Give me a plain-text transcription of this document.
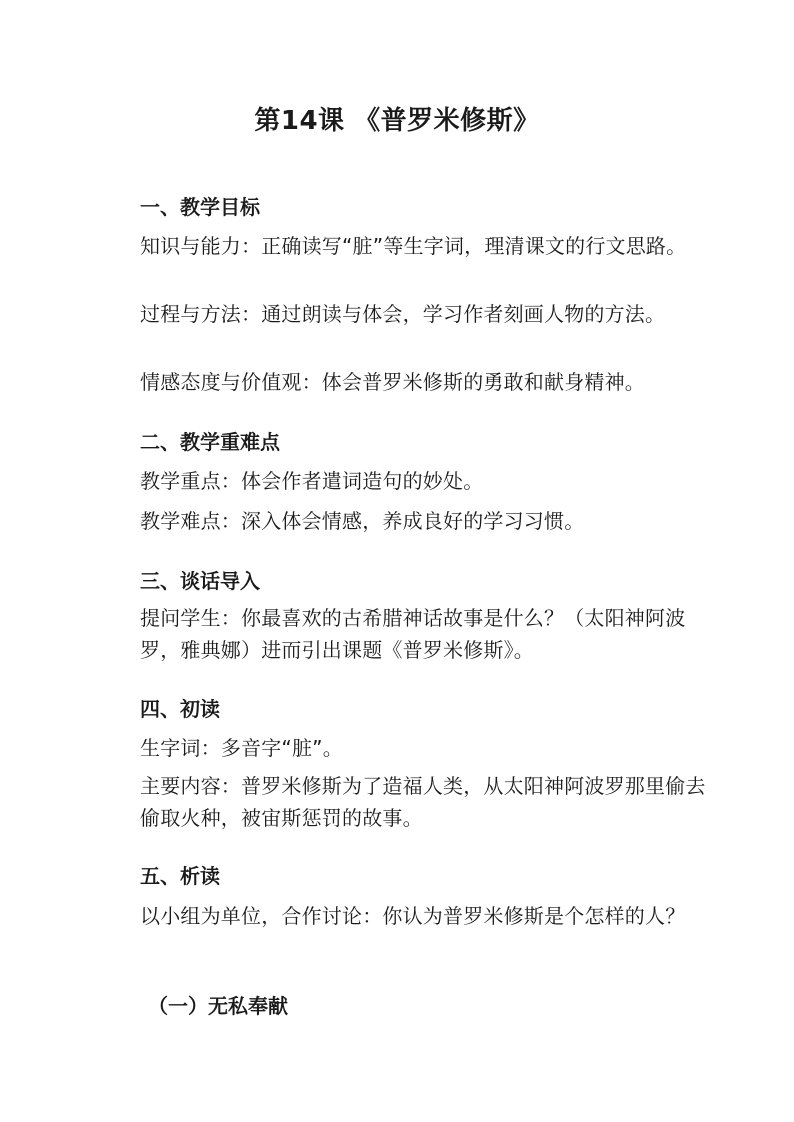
第14课 《普罗米修斯》
一、教学目标
知识与能力：正确读写“脏”等生字词，理清课文的行文思路。
过程与方法：通过朗读与体会，学习作者刻画人物的方法。
情感态度与价值观：体会普罗米修斯的勇敢和献身精神。
二、教学重难点
教学重点：体会作者遣词造句的妙处。
教学难点：深入体会情感，养成良好的学习习惯。
三、谈话导入
提问学生：你最喜欢的古希腊神话故事是什么？（太阳神阿波罗，雅典娜）进而引出课题《普罗米修斯》。
四、初读
生字词：多音字“脏”。
主要内容：普罗米修斯为了造福人类，从太阳神阿波罗那里偷去偷取火种，被宙斯惩罚的故事。
五、析读
以小组为单位，合作讨论：你认为普罗米修斯是个怎样的人？
（一）无私奉献
